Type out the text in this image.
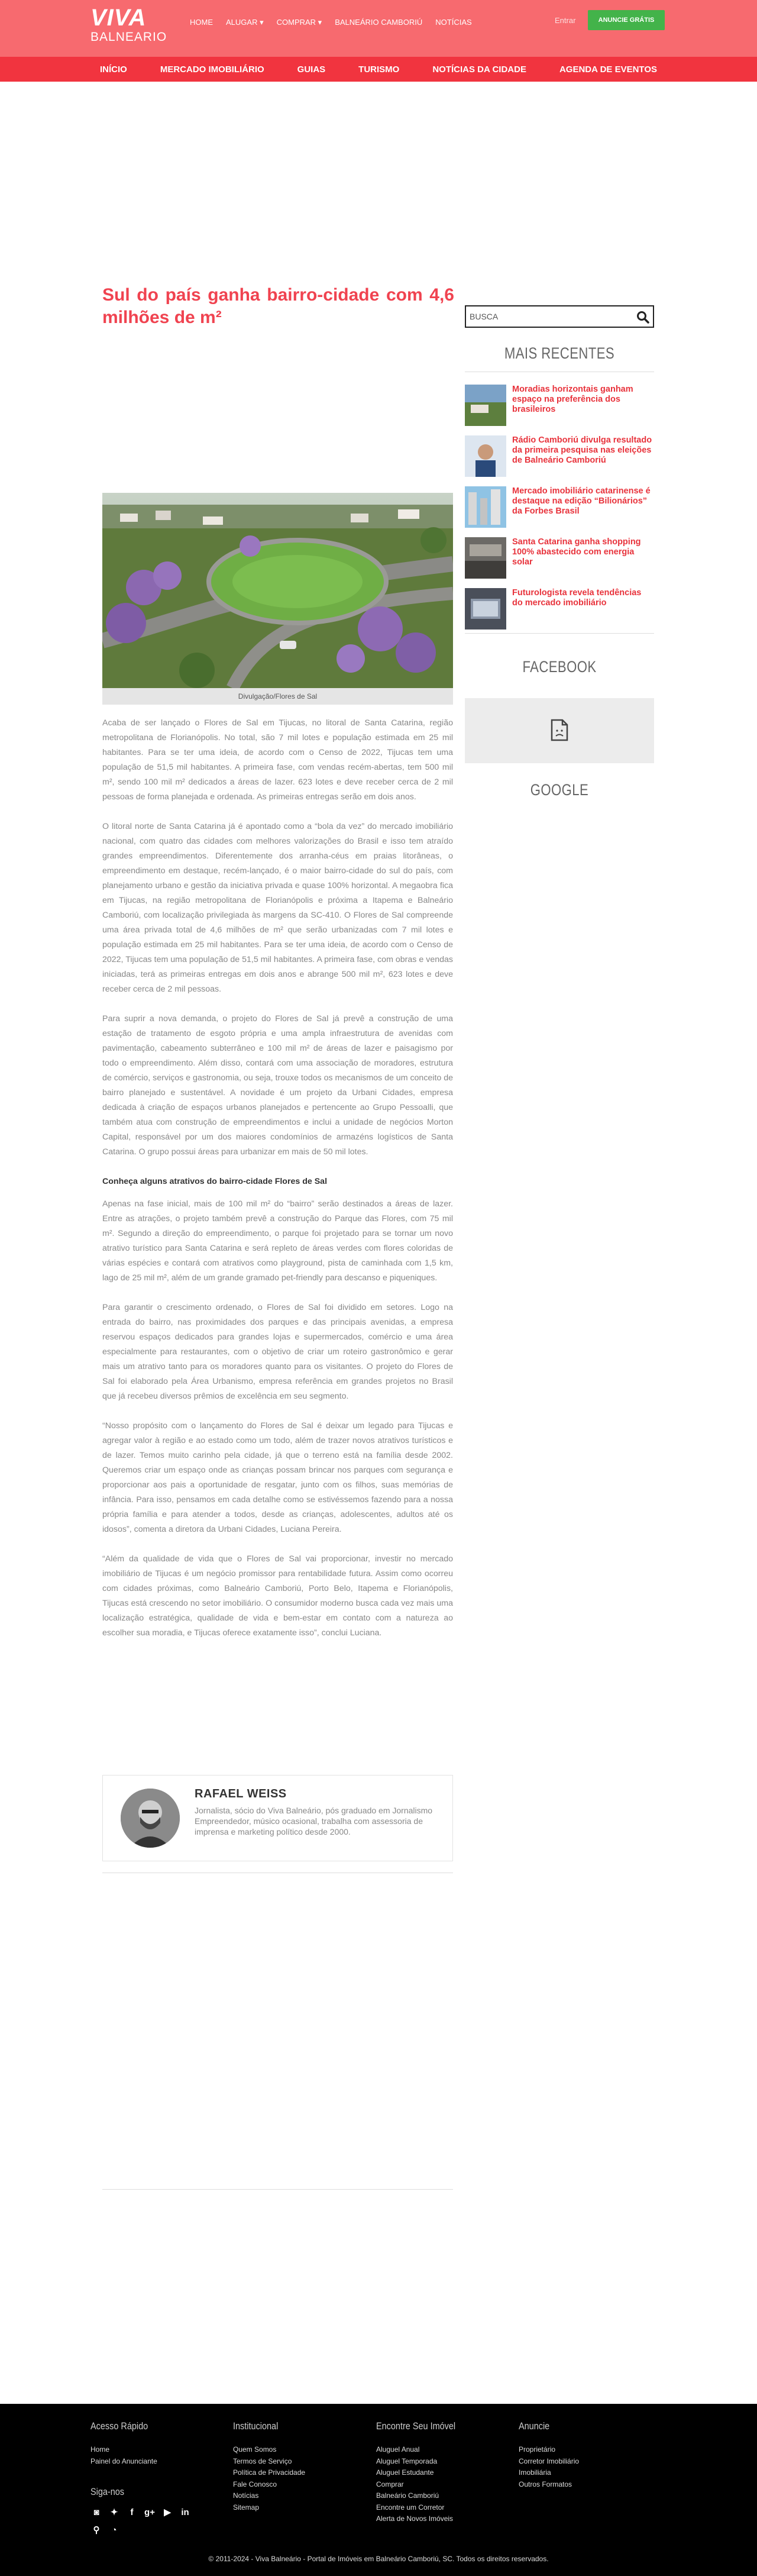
VIVA
BALNEARIO
HOME ALUGAR ▾ COMPRAR ▾ BALNEÁRIO CAMBORIÚ NOTÍCIAS	Entrar	ANUNCIE GRÁTIS
INÍCIO	MERCADO IMOBILIÁRIO	GUIAS	TURISMO	NOTÍCIAS DA CIDADE	AGENDA DE EVENTOS
Sul do país ganha bairro-cidade com 4,6 milhões de m²
Divulgação/Flores de Sal

Acaba de ser lançado o Flores de Sal em Tijucas, no litoral de Santa Catarina, região metropolitana de Florianópolis. No total, são 7 mil lotes e população estimada em 25 mil habitantes. Para se ter uma ideia, de acordo com o Censo de 2022, Tijucas tem uma população de 51,5 mil habitantes. A primeira fase, com vendas recém-abertas, tem 500 mil m², sendo 100 mil m² dedicados a áreas de lazer. 623 lotes e deve receber cerca de 2 mil pessoas de forma planejada e ordenada. As primeiras entregas serão em dois anos.

O litoral norte de Santa Catarina já é apontado como a “bola da vez” do mercado imobiliário nacional, com quatro das cidades com melhores valorizações do Brasil e isso tem atraído grandes empreendimentos. Diferentemente dos arranha-céus em praias litorâneas, o empreendimento em destaque, recém-lançado, é o maior bairro-cidade do sul do país, com planejamento urbano e gestão da iniciativa privada e quase 100% horizontal. A megaobra fica em Tijucas, na região metropolitana de Florianópolis e próxima a Itapema e Balneário Camboriú, com localização privilegiada às margens da SC-410. O Flores de Sal compreende uma área privada total de 4,6 milhões de m² que serão urbanizadas com 7 mil lotes e população estimada em 25 mil habitantes. Para se ter uma ideia, de acordo com o Censo de 2022, Tijucas tem uma população de 51,5 mil habitantes. A primeira fase, com obras e vendas iniciadas, terá as primeiras entregas em dois anos e abrange 500 mil m², 623 lotes e deve receber cerca de 2 mil pessoas.

Para suprir a nova demanda, o projeto do Flores de Sal já prevê a construção de uma estação de tratamento de esgoto própria e uma ampla infraestrutura de avenidas com pavimentação, cabeamento subterrâneo e 100 mil m² de áreas de lazer e paisagismo por todo o empreendimento. Além disso, contará com uma associação de moradores, estrutura de comércio, serviços e gastronomia, ou seja, trouxe todos os mecanismos de um conceito de bairro planejado e sustentável. A novidade é um projeto da Urbani Cidades, empresa dedicada à criação de espaços urbanos planejados e pertencente ao Grupo Pessoalli, que também atua com construção de empreendimentos e inclui a unidade de negócios Morton Capital, responsável por um dos maiores condomínios de armazéns logísticos de Santa Catarina. O grupo possui áreas para urbanizar em mais de 50 mil lotes.

Conheça alguns atrativos do bairro-cidade Flores de Sal

Apenas na fase inicial, mais de 100 mil m² do “bairro” serão destinados a áreas de lazer. Entre as atrações, o projeto também prevê a construção do Parque das Flores, com 75 mil m². Segundo a direção do empreendimento, o parque foi projetado para se tornar um novo atrativo turístico para Santa Catarina e será repleto de áreas verdes com flores coloridas de várias espécies e contará com atrativos como playground, pista de caminhada com 1,5 km, lago de 25 mil m², além de um grande gramado pet-friendly para descanso e piqueniques.

Para garantir o crescimento ordenado, o Flores de Sal foi dividido em setores. Logo na entrada do bairro, nas proximidades dos parques e das principais avenidas, a empresa reservou espaços dedicados para grandes lojas e supermercados, comércio e uma área especialmente para restaurantes, com o objetivo de criar um roteiro gastronômico e gerar mais um atrativo tanto para os moradores quanto para os visitantes. O projeto do Flores de Sal foi elaborado pela Área Urbanismo, empresa referência em grandes projetos no Brasil que já recebeu diversos prêmios de excelência em seu segmento.

“Nosso propósito com o lançamento do Flores de Sal é deixar um legado para Tijucas e agregar valor à região e ao estado como um todo, além de trazer novos atrativos turísticos e de lazer. Temos muito carinho pela cidade, já que o terreno está na família desde 2002. Queremos criar um espaço onde as crianças possam brincar nos parques com segurança e proporcionar aos pais a oportunidade de resgatar, junto com os filhos, suas memórias de infância. Para isso, pensamos em cada detalhe como se estivéssemos fazendo para a nossa própria família e para atender a todos, desde as crianças, adolescentes, adultos até os idosos”, comenta a diretora da Urbani Cidades, Luciana Pereira.

“Além da qualidade de vida que o Flores de Sal vai proporcionar, investir no mercado imobiliário de Tijucas é um negócio promissor para rentabilidade futura. Assim como ocorreu com cidades próximas, como Balneário Camboriú, Porto Belo, Itapema e Florianópolis, Tijucas está crescendo no setor imobiliário. O consumidor moderno busca cada vez mais uma localização estratégica, qualidade de vida e bem-estar em contato com a natureza ao escolher sua moradia, e Tijucas oferece exatamente isso”, conclui Luciana.

RAFAEL WEISS
Jornalista, sócio do Viva Balneário, pós graduado em Jornalismo Empreendedor, músico ocasional, trabalha com assessoria de imprensa e marketing político desde 2000.
BUSCA
MAIS RECENTES
Moradias horizontais ganham espaço na preferência dos brasileiros
Rádio Camboriú divulga resultado da primeira pesquisa nas eleições de Balneário Camboriú
Mercado imobiliário catarinense é destaque na edição “Bilionários” da Forbes Brasil
Santa Catarina ganha shopping 100% abastecido com energia solar
Futurologista revela tendências do mercado imobiliário
FACEBOOK
GOOGLE
Acesso Rápido
Home
Painel do Anunciante
Institucional
Quem Somos
Termos de Serviço
Política de Privacidade
Fale Conosco
Notícias
Sitemap
Encontre Seu Imóvel
Aluguel Anual
Aluguel Temporada
Aluguel Estudante
Comprar
Balneário Camboriú
Encontre um Corretor
Alerta de Novos Imóveis
Anuncie
Proprietário
Corretor Imobiliário
Imobiliária
Outros Formatos
Siga-nos
◙	✦	f	g+ ▶ in
⚲	◔
© 2011-2024 - Viva Balneário - Portal de Imóveis em Balneário Camboriú, SC. Todos os direitos reservados.
